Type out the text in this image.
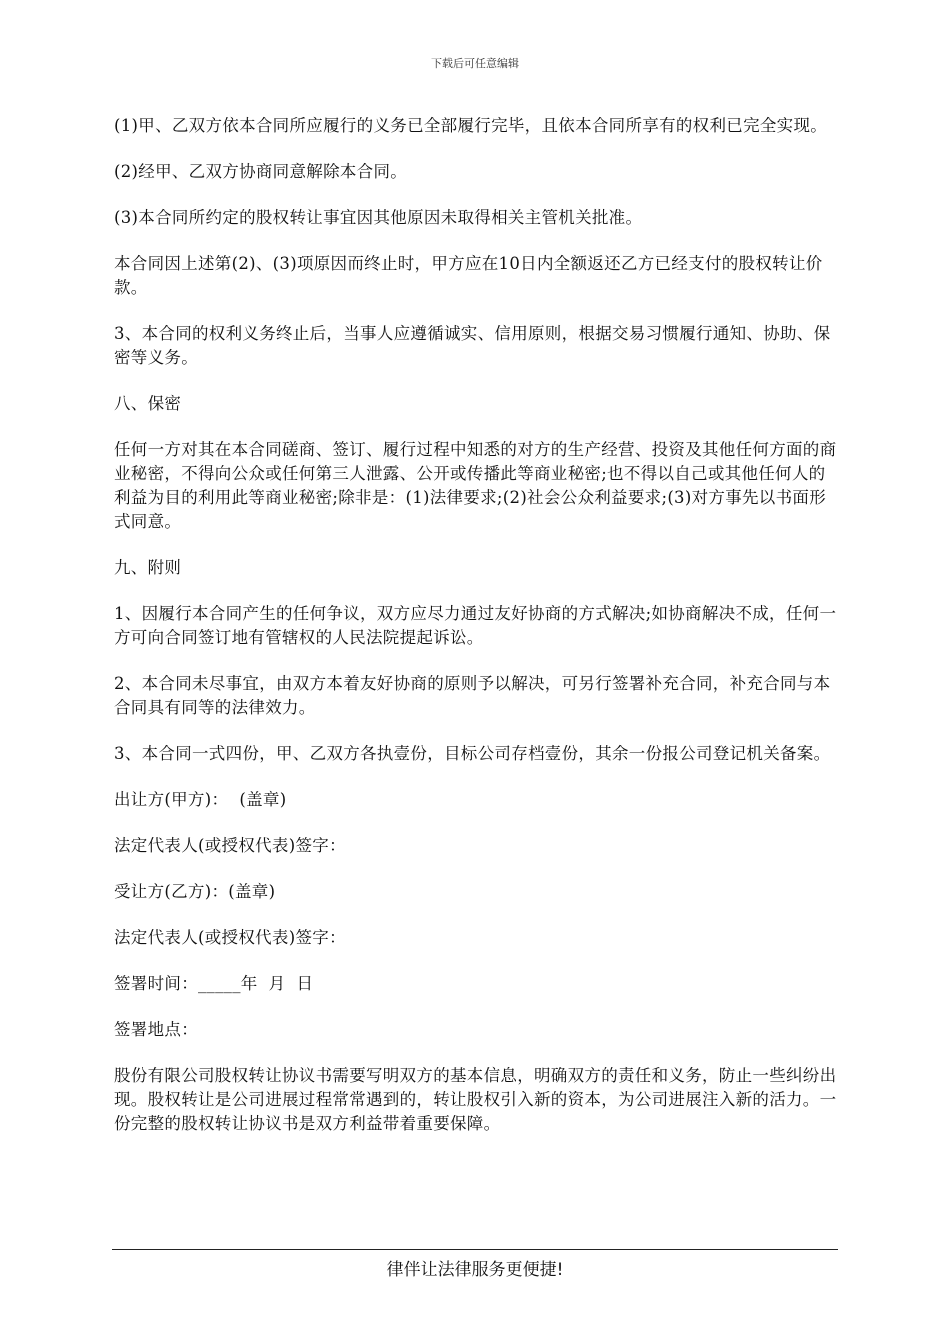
下载后可任意编辑

(1)甲、乙双方依本合同所应履行的义务已全部履行完毕，且依本合同所享有的权利已完全实现。

(2)经甲、乙双方协商同意解除本合同。

(3)本合同所约定的股权转让事宜因其他原因未取得相关主管机关批准。

本合同因上述第(2)、(3)项原因而终止时，甲方应在10日内全额返还乙方已经支付的股权转让价款。

3、本合同的权利义务终止后，当事人应遵循诚实、信用原则，根据交易习惯履行通知、协助、保密等义务。

八、保密

任何一方对其在本合同磋商、签订、履行过程中知悉的对方的生产经营、投资及其他任何方面的商业秘密，不得向公众或任何第三人泄露、公开或传播此等商业秘密;也不得以自己或其他任何人的利益为目的利用此等商业秘密;除非是：(1)法律要求;(2)社会公众利益要求;(3)对方事先以书面形式同意。

九、附则

1、因履行本合同产生的任何争议，双方应尽力通过友好协商的方式解决;如协商解决不成，任何一方可向合同签订地有管辖权的人民法院提起诉讼。

2、本合同未尽事宜，由双方本着友好协商的原则予以解决，可另行签署补充合同，补充合同与本合同具有同等的法律效力。

3、本合同一式四份，甲、乙双方各执壹份，目标公司存档壹份，其余一份报公司登记机关备案。

出让方(甲方)：  (盖章)

法定代表人(或授权代表)签字：

受让方(乙方)：(盖章)

法定代表人(或授权代表)签字：

签署时间：_____年  月  日

签署地点：

股份有限公司股权转让协议书需要写明双方的基本信息，明确双方的责任和义务，防止一些纠纷出现。股权转让是公司进展过程常常遇到的，转让股权引入新的资本，为公司进展注入新的活力。一份完整的股权转让协议书是双方利益带着重要保障。

律伴让法律服务更便捷!
